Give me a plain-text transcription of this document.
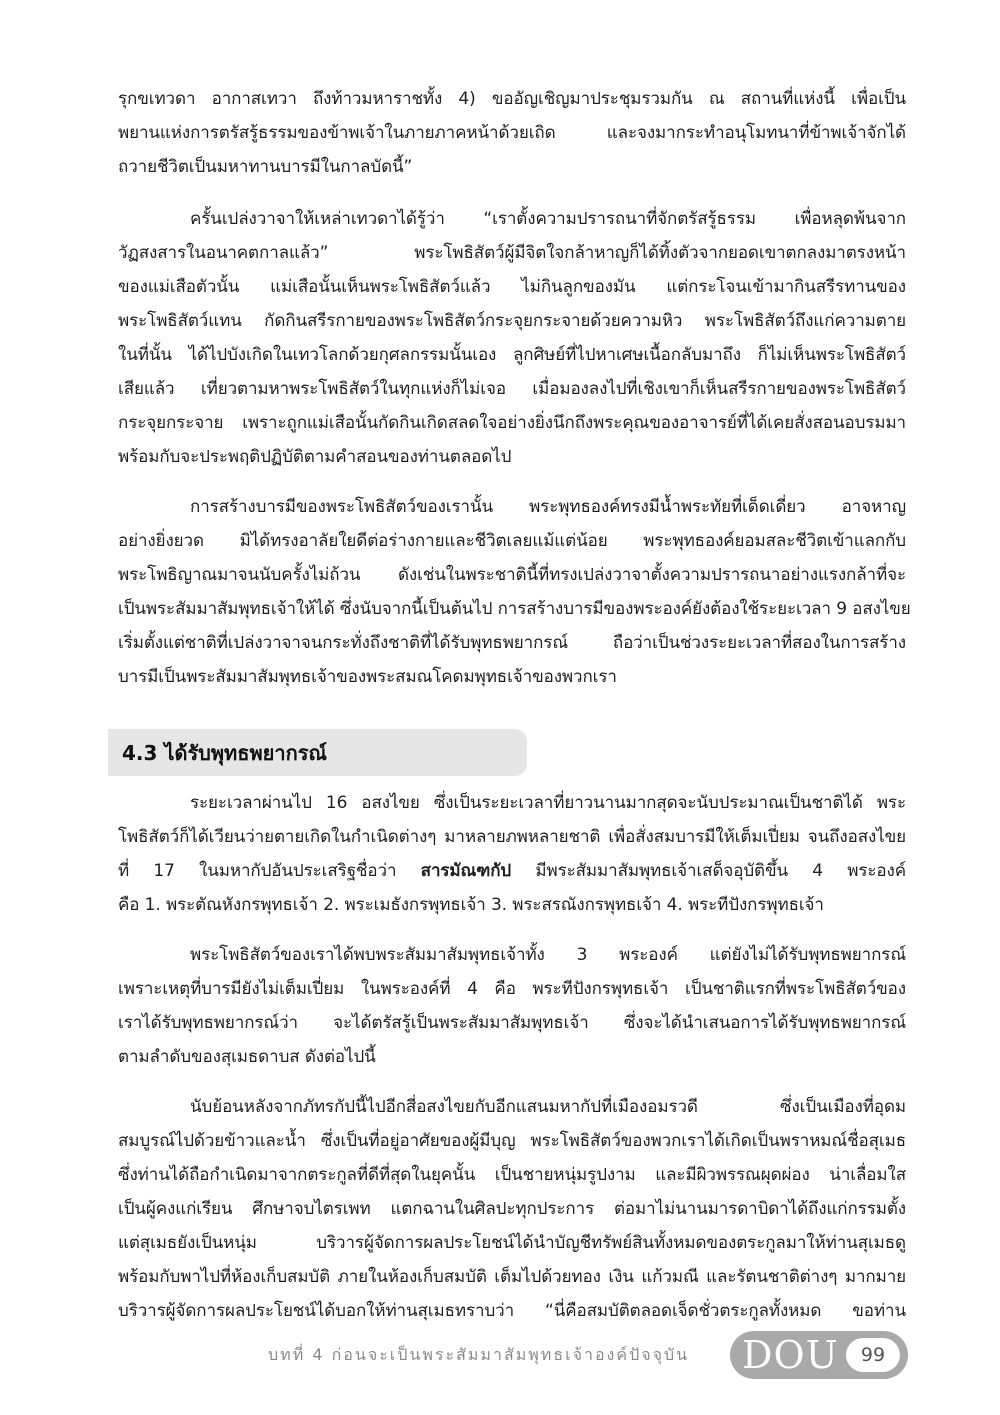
รุกขเทวดา อากาสเทวา ถึงท้าวมหาราชทั้ง 4) ขออัญเชิญมาประชุมรวมกัน ณ สถานที่แห่งนี้ เพื่อเป็น
พยานแห่งการตรัสรู้ธรรมของข้าพเจ้าในภายภาคหน้าด้วยเถิด และจงมากระทำอนุโมทนาที่ข้าพเจ้าจักได้
ถวายชีวิตเป็นมหาทานบารมีในกาลบัดนี้”
ครั้นเปล่งวาจาให้เหล่าเทวดาได้รู้ว่า “เราตั้งความปรารถนาที่จักตรัสรู้ธรรม เพื่อหลุดพ้นจาก
วัฏสงสารในอนาคตกาลแล้ว” พระโพธิสัตว์ผู้มีจิตใจกล้าหาญก็ได้ทิ้งตัวจากยอดเขาตกลงมาตรงหน้า
ของแม่เสือตัวนั้น แม่เสือนั้นเห็นพระโพธิสัตว์แล้ว ไม่กินลูกของมัน แต่กระโจนเข้ามากินสรีรทานของ
พระโพธิสัตว์แทน กัดกินสรีรกายของพระโพธิสัตว์กระจุยกระจายด้วยความหิว พระโพธิสัตว์ถึงแก่ความตาย
ในที่นั้น ได้ไปบังเกิดในเทวโลกด้วยกุศลกรรมนั้นเอง ลูกศิษย์ที่ไปหาเศษเนื้อกลับมาถึง ก็ไม่เห็นพระโพธิสัตว์
เสียแล้ว เที่ยวตามหาพระโพธิสัตว์ในทุกแห่งก็ไม่เจอ เมื่อมองลงไปที่เชิงเขาก็เห็นสรีรกายของพระโพธิสัตว์
กระจุยกระจาย เพราะถูกแม่เสือนั้นกัดกินเกิดสลดใจอย่างยิ่งนึกถึงพระคุณของอาจารย์ที่ได้เคยสั่งสอนอบรมมา
พร้อมกับจะประพฤติปฏิบัติตามคำสอนของท่านตลอดไป
การสร้างบารมีของพระโพธิสัตว์ของเรานั้น พระพุทธองค์ทรงมีน้ำพระทัยที่เด็ดเดี่ยว อาจหาญ
อย่างยิ่งยวด มิได้ทรงอาลัยใยดีต่อร่างกายและชีวิตเลยแม้แต่น้อย พระพุทธองค์ยอมสละชีวิตเข้าแลกกับ
พระโพธิญาณมาจนนับครั้งไม่ถ้วน ดังเช่นในพระชาตินี้ที่ทรงเปล่งวาจาตั้งความปรารถนาอย่างแรงกล้าที่จะ
เป็นพระสัมมาสัมพุทธเจ้าให้ได้ ซึ่งนับจากนี้เป็นต้นไป การสร้างบารมีของพระองค์ยังต้องใช้ระยะเวลา 9 อสงไขย
เริ่มตั้งแต่ชาติที่เปล่งวาจาจนกระทั่งถึงชาติที่ได้รับพุทธพยากรณ์ ถือว่าเป็นช่วงระยะเวลาที่สองในการสร้าง
บารมีเป็นพระสัมมาสัมพุทธเจ้าของพระสมณโคดมพุทธเจ้าของพวกเรา
4.3 ได้รับพุทธพยากรณ์
ระยะเวลาผ่านไป 16 อสงไขย ซึ่งเป็นระยะเวลาที่ยาวนานมากสุดจะนับประมาณเป็นชาติได้ พระ
โพธิสัตว์ก็ได้เวียนว่ายตายเกิดในกำเนิดต่างๆ มาหลายภพหลายชาติ เพื่อสั่งสมบารมีให้เต็มเปี่ยม จนถึงอสงไขย
ที่ 17 ในมหากัปอันประเสริฐชื่อว่า สารมัณฑกัป มีพระสัมมาสัมพุทธเจ้าเสด็จอุบัติขึ้น 4 พระองค์
คือ 1. พระตัณหังกรพุทธเจ้า 2. พระเมธังกรพุทธเจ้า 3. พระสรณังกรพุทธเจ้า 4. พระทีปังกรพุทธเจ้า
พระโพธิสัตว์ของเราได้พบพระสัมมาสัมพุทธเจ้าทั้ง 3 พระองค์ แต่ยังไม่ได้รับพุทธพยากรณ์
เพราะเหตุที่บารมียังไม่เต็มเปี่ยม ในพระองค์ที่ 4 คือ พระทีปังกรพุทธเจ้า เป็นชาติแรกที่พระโพธิสัตว์ของ
เราได้รับพุทธพยากรณ์ว่า จะได้ตรัสรู้เป็นพระสัมมาสัมพุทธเจ้า ซึ่งจะได้นำเสนอการได้รับพุทธพยากรณ์
ตามลำดับของสุเมธดาบส ดังต่อไปนี้
นับย้อนหลังจากภัทรกัปนี้ไปอีกสี่อสงไขยกับอีกแสนมหากัปที่เมืองอมรวดี ซึ่งเป็นเมืองที่อุดม
สมบูรณ์ไปด้วยข้าวและน้ำ ซึ่งเป็นที่อยู่อาศัยของผู้มีบุญ พระโพธิสัตว์ของพวกเราได้เกิดเป็นพราหมณ์ชื่อสุเมธ
ซึ่งท่านได้ถือกำเนิดมาจากตระกูลที่ดีที่สุดในยุคนั้น เป็นชายหนุ่มรูปงาม และมีผิวพรรณผุดผ่อง น่าเลื่อมใส
เป็นผู้คงแก่เรียน ศึกษาจบไตรเพท แตกฉานในศิลปะทุกประการ ต่อมาไม่นานมารดาบิดาได้ถึงแก่กรรมตั้ง
แต่สุเมธยังเป็นหนุ่ม บริวารผู้จัดการผลประโยชน์ได้นำบัญชีทรัพย์สินทั้งหมดของตระกูลมาให้ท่านสุเมธดู
พร้อมกับพาไปที่ห้องเก็บสมบัติ ภายในห้องเก็บสมบัติ เต็มไปด้วยทอง เงิน แก้วมณี และรัตนชาติต่างๆ มากมาย
บริวารผู้จัดการผลประโยชน์ได้บอกให้ท่านสุเมธทราบว่า “นี่คือสมบัติตลอดเจ็ดชั่วตระกูลทั้งหมด ขอท่าน
บทที่ 4 ก่อนจะเป็นพระสัมมาสัมพุทธเจ้าองค์ปัจจุบัน DOU	99
